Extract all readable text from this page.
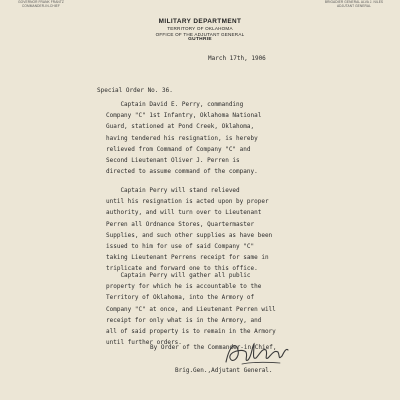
GOVERNOR FRANK FRANTZ
COMMANDER-IN-CHIEF
BRIGADIER GENERAL ALVA J. NILES
ADJUTANT GENERAL
MILITARY DEPARTMENT
TERRITORY OF OKLAHOMA
OFFICE OF THE ADJUTANT GENERAL
GUTHRIE
March 17th, 1906
Special Order No. 36.
Captain David E. Perry, commanding
Company "C" 1st Infantry, Oklahoma National
Guard, stationed at Pond Creek, Oklahoma,
having tendered his resignation, is hereby
relieved from Command of Company "C" and
Second Lieutenant Oliver J. Perren is
directed to assume command of the company.
Captain Perry will stand relieved
until his resignation is acted upon by proper
authority, and will turn over to Lieutenant
Perren all Ordnance Stores, Quartermaster
Supplies, and such other supplies as have been
issued to him for use of said Company "C"
taking Lieutenant Perrens receipt for same in
triplicate and forward one to this office.
Captain Perry will gather all public
property for which he is accountable to the
Territory of Oklahoma, into the Armory of
Company "C" at once, and Lieutenant Perren will
receipt for only what is in the Armory, and
all of said property is to remain in the Armory
until further orders.
By Order of the Commander-in-Chief,
Brig.Gen.,Adjutant General.
